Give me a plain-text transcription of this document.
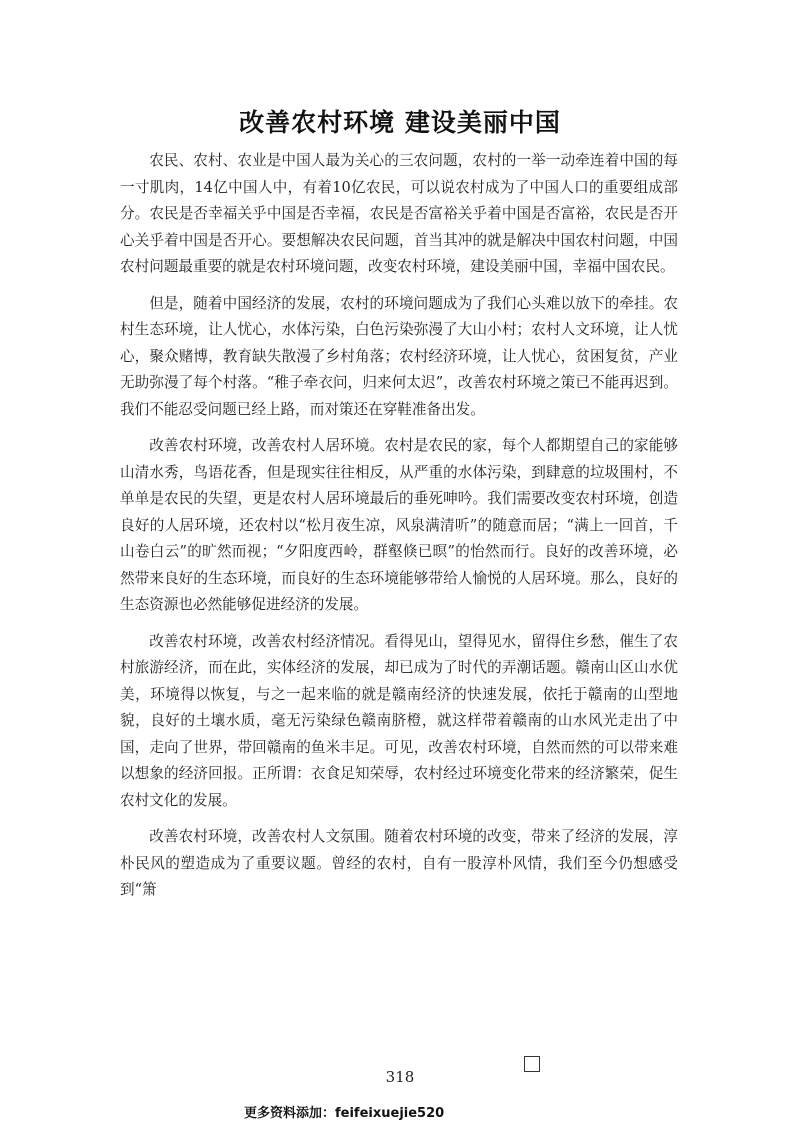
改善农村环境 建设美丽中国

农民、农村、农业是中国人最为关心的三农问题，农村的一举一动牵连着中国的每一寸肌肉，14亿中国人中，有着10亿农民，可以说农村成为了中国人口的重要组成部分。农民是否幸福关乎中国是否幸福，农民是否富裕关乎着中国是否富裕，农民是否开心关乎着中国是否开心。要想解决农民问题，首当其冲的就是解决中国农村问题，中国农村问题最重要的就是农村环境问题，改变农村环境，建设美丽中国，幸福中国农民。

但是，随着中国经济的发展，农村的环境问题成为了我们心头难以放下的牵挂。农村生态环境，让人忧心，水体污染，白色污染弥漫了大山小村；农村人文环境，让人忧心，聚众赌博，教育缺失散漫了乡村角落；农村经济环境，让人忧心，贫困复贫，产业无助弥漫了每个村落。“稚子牵衣问，归来何太迟”，改善农村环境之策已不能再迟到。我们不能忍受问题已经上路，而对策还在穿鞋准备出发。

改善农村环境，改善农村人居环境。农村是农民的家，每个人都期望自己的家能够山清水秀，鸟语花香，但是现实往往相反，从严重的水体污染，到肆意的垃圾围村，不单单是农民的失望，更是农村人居环境最后的垂死呻吟。我们需要改变农村环境，创造良好的人居环境，还农村以“松月夜生凉，风泉满清听”的随意而居；“满上一回首，千山卷白云”的旷然而视；“夕阳度西岭，群壑倏已暝”的怡然而行。良好的改善环境，必然带来良好的生态环境，而良好的生态环境能够带给人愉悦的人居环境。那么，良好的生态资源也必然能够促进经济的发展。

改善农村环境，改善农村经济情况。看得见山，望得见水，留得住乡愁，催生了农村旅游经济，而在此，实体经济的发展，却已成为了时代的弄潮话题。赣南山区山水优美，环境得以恢复，与之一起来临的就是赣南经济的快速发展，依托于赣南的山型地貌，良好的土壤水质，毫无污染绿色赣南脐橙，就这样带着赣南的山水风光走出了中国，走向了世界，带回赣南的鱼米丰足。可见，改善农村环境，自然而然的可以带来难以想象的经济回报。正所谓：衣食足知荣辱，农村经过环境变化带来的经济繁荣，促生农村文化的发展。

改善农村环境，改善农村人文氛围。随着农村环境的改变，带来了经济的发展，淳朴民风的塑造成为了重要议题。曾经的农村，自有一股淳朴风情，我们至今仍想感受到“箫

318
更多资料添加：feifeixuejie520
